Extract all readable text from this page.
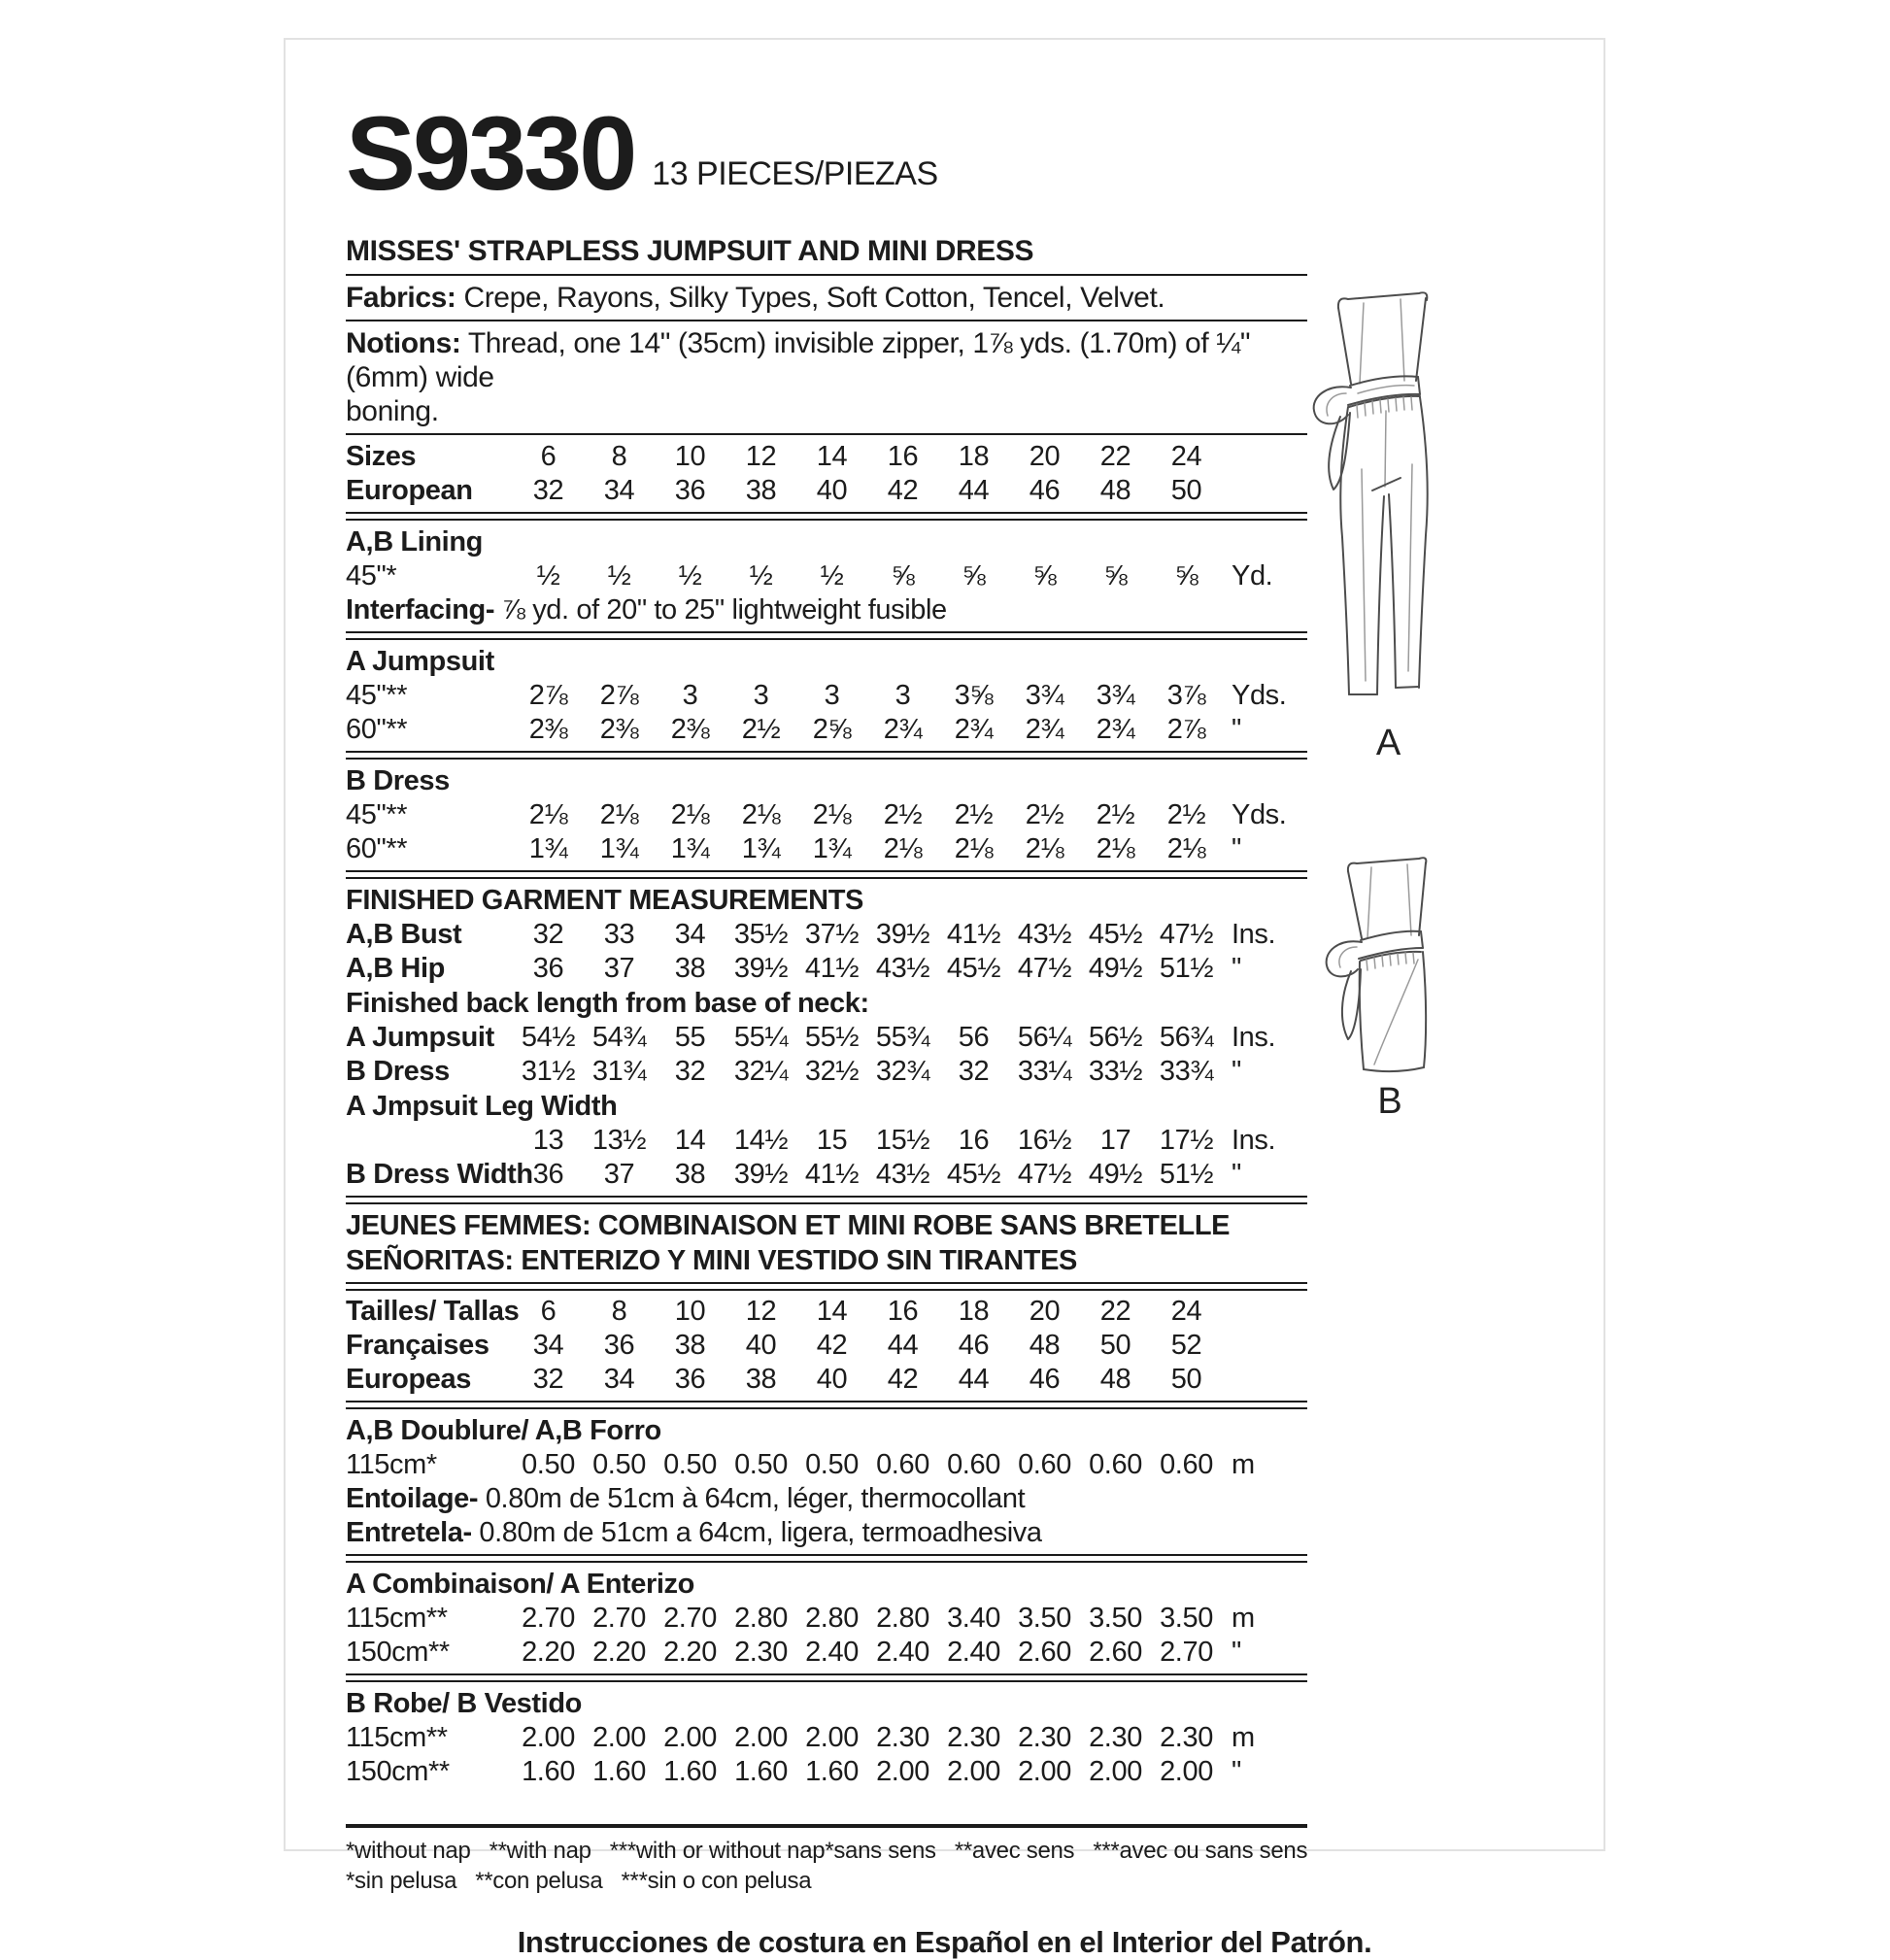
S9330 13 PIECES/PIEZAS
MISSES' STRAPLESS JUMPSUIT AND MINI DRESS
Fabrics: Crepe, Rayons, Silky Types, Soft Cotton, Tencel, Velvet.
Notions: Thread, one 14" (35cm) invisible zipper, 1⅞ yds. (1.70m) of ¼" (6mm) wide
boning.
Sizes	6	8	10	12	14	16	18	20	22	24
European	32	34	36	38	40	42	44	46	48	50
A,B Lining
45"*	½	½	½	½	½	⅝	⅝	⅝	⅝	⅝	Yd.
Interfacing- ⅞ yd. of 20" to 25" lightweight fusible
A Jumpsuit
45"**	2⅞	2⅞	3	3	3	3	3⅝	3¾	3¾	3⅞ Yds.
60"**	2⅜	2⅜	2⅜	2½	2⅝	2¾	2¾	2¾	2¾	2⅞ "
B Dress
45"**	2⅛	2⅛	2⅛	2⅛	2⅛	2½	2½	2½	2½	2½ Yds.
60"**	1¾	1¾	1¾	1¾	1¾	2⅛	2⅛	2⅛	2⅛	2⅛ "
FINISHED GARMENT MEASUREMENTS
A,B Bust	32	33	34	35½ 37½ 39½ 41½ 43½ 45½ 47½ Ins.
A,B Hip	36	37	38	39½ 41½ 43½ 45½ 47½ 49½ 51½ "
Finished back length from base of neck:
A Jumpsuit 54½ 54¾	55	55¼ 55½ 55¾	56	56¼ 56½ 56¾ Ins.
B Dress	31½ 31¾	32	32¼ 32½ 32¾	32	33¼ 33½ 33¾ "
A Jmpsuit Leg Width
13	13½	14	14½	15	15½	16	16½	17	17½ Ins.
B Dress Width 36	37	38	39½ 41½ 43½ 45½ 47½ 49½ 51½ "
JEUNES FEMMES: COMBINAISON ET MINI ROBE SANS BRETELLE
SEÑORITAS: ENTERIZO Y MINI VESTIDO SIN TIRANTES
Tailles/ Tallas 6	8	10	12	14	16	18	20	22	24
Françaises	34	36	38	40	42	44	46	48	50	52
Europeas	32	34	36	38	40	42	44	46	48	50
A,B Doublure/ A,B Forro
115cm*	0.50 0.50 0.50 0.50 0.50 0.60 0.60 0.60 0.60 0.60 m
Entoilage- 0.80m de 51cm à 64cm, léger, thermocollant
Entretela- 0.80m de 51cm a 64cm, ligera, termoadhesiva
A Combinaison/ A Enterizo
115cm**	2.70 2.70 2.70 2.80 2.80 2.80 3.40 3.50 3.50 3.50 m
150cm**	2.20 2.20 2.20 2.30 2.40 2.40 2.40 2.60 2.60 2.70 "
B Robe/ B Vestido
115cm**	2.00 2.00 2.00 2.00 2.00 2.30 2.30 2.30 2.30 2.30 m
150cm**	1.60 1.60 1.60 1.60 1.60 2.00 2.00 2.00 2.00 2.00 "
*without nap   **with nap   ***with or without nap
*sin pelusa   **con pelusa   ***sin o con pelusa
*sans sens   **avec sens   ***avec ou sans sens
Instrucciones de costura en Español en el Interior del Patrón.
A
B
